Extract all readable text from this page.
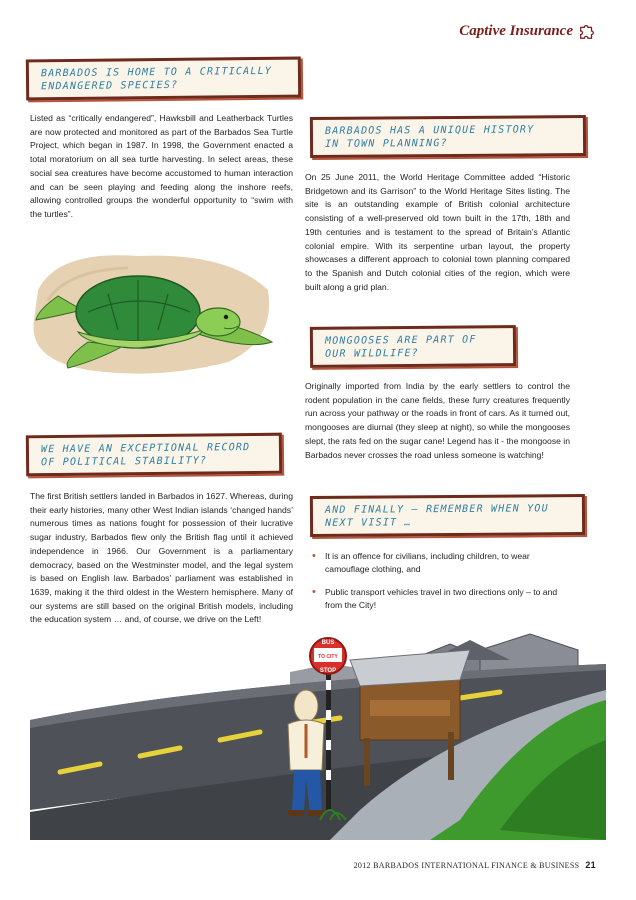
Captive Insurance
BARBADOS IS HOME TO A CRITICALLY
ENDANGERED SPECIES?

Listed as “critically endangered”, Hawksbill and Leatherback Turtles are now protected and monitored as part of the Barbados Sea Turtle Project, which began in 1987. In 1998, the Government enacted a total moratorium on all sea turtle harvesting. In select areas, these social sea creatures have become accustomed to human interaction and can be seen playing and feeding along the inshore reefs, allowing controlled groups the wonderful opportunity to “swim with the turtles”.

BARBADOS HAS A UNIQUE HISTORY
IN TOWN PLANNING?

On 25 June 2011, the World Heritage Committee added “Historic Bridgetown and its Garrison” to the World Heritage Sites listing. The site is an outstanding example of British colonial architecture consisting of a well-preserved old town built in the 17th, 18th and 19th centuries and is testament to the spread of Britain’s Atlantic colonial empire. With its serpentine urban layout, the property showcases a different approach to colonial town planning compared to the Spanish and Dutch colonial cities of the region, which were built along a grid plan.

MONGOOSES ARE PART OF
OUR WILDLIFE?

Originally imported from India by the early settlers to control the rodent population in the cane fields, these furry creatures frequently run across your pathway or the roads in front of cars. As it turned out, mongooses are diurnal (they sleep at night), so while the mongooses slept, the rats fed on the sugar cane! Legend has it - the mongoose in Barbados never crosses the road unless someone is watching!

WE HAVE AN EXCEPTIONAL RECORD
OF POLITICAL STABILITY?

The first British settlers landed in Barbados in 1627. Whereas, during their early histories, many other West Indian islands ‘changed hands’ numerous times as nations fought for possession of their lucrative sugar industry, Barbados flew only the British flag until it achieved independence in 1966. Our Government is a parliamentary democracy, based on the Westminster model, and the legal system is based on English law. Barbados’ parliament was established in 1639, making it the third oldest in the Western hemisphere. Many of our systems are still based on the original British models, including the education system … and, of course, we drive on the Left!

AND FINALLY – REMEMBER WHEN YOU
NEXT VISIT …
• It is an offence for civilians, including children, to wear camouflage clothing, and
• Public transport vehicles travel in two directions only – to and from the City!
BUS
TO CITY
STOP
2012 BARBADOS INTERNATIONAL FINANCE & BUSINESS 21
